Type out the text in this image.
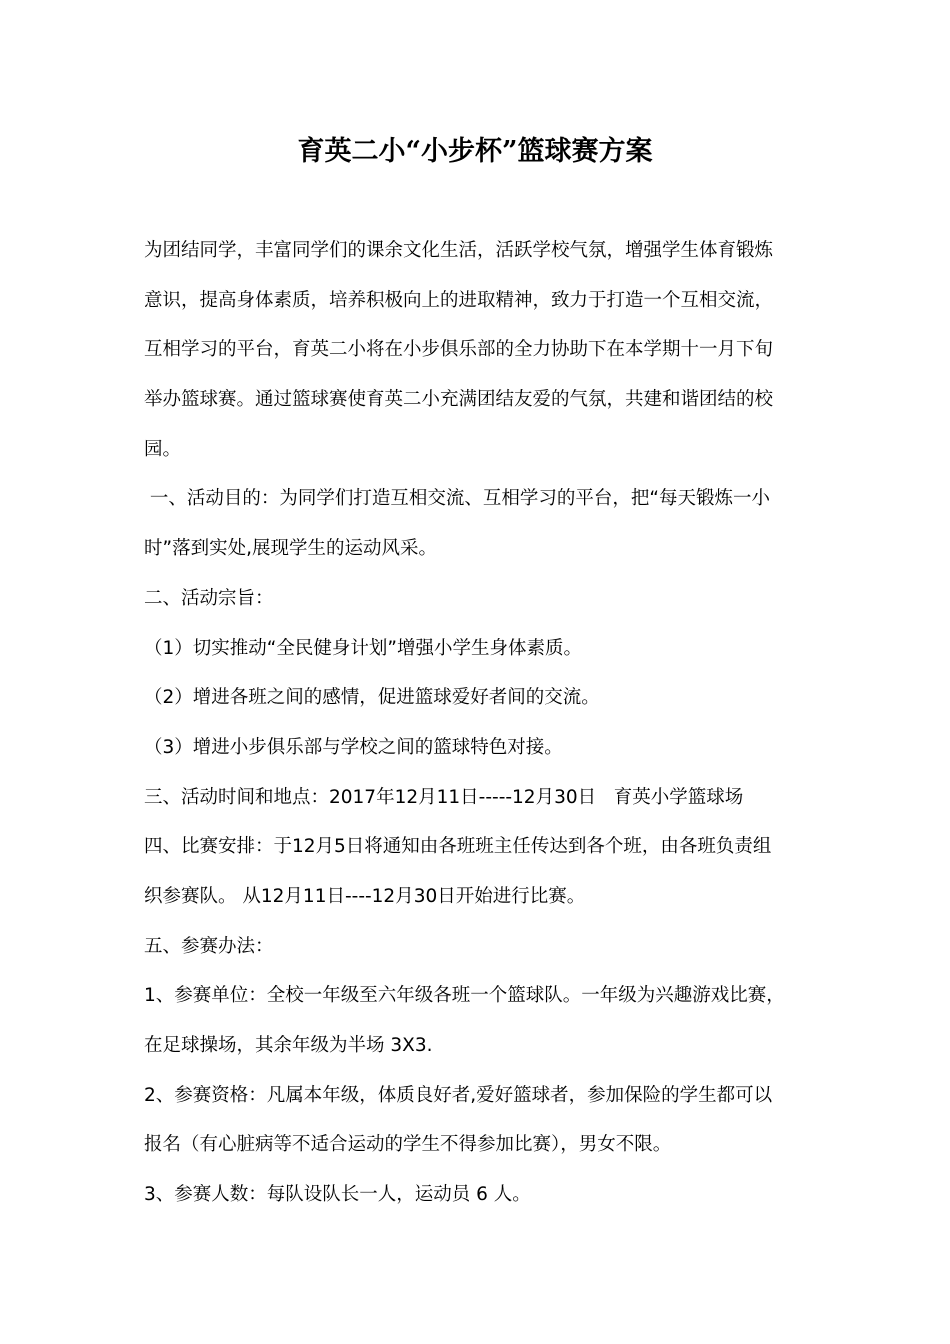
育英二小“小步杯”篮球赛方案
为团结同学，丰富同学们的课余文化生活，活跃学校气氛，增强学生体育锻炼
意识，提高身体素质，培养积极向上的进取精神，致力于打造一个互相交流，
互相学习的平台，育英二小将在小步俱乐部的全力协助下在本学期十一月下旬
举办篮球赛。通过篮球赛使育英二小充满团结友爱的气氛，共建和谐团结的校
园。
一、活动目的：为同学们打造互相交流、互相学习的平台，把“每天锻炼一小
时”落到实处,展现学生的运动风采。
二、活动宗旨：
（1）切实推动“全民健身计划”增强小学生身体素质。
（2）增进各班之间的感情，促进篮球爱好者间的交流。
（3）增进小步俱乐部与学校之间的篮球特色对接。
三、活动时间和地点：2017年12月11日-----12月30日   育英小学篮球场
四、比赛安排：于12月5日将通知由各班班主任传达到各个班，由各班负责组
织参赛队。 从12月11日----12月30日开始进行比赛。
五、参赛办法：
1、参赛单位：全校一年级至六年级各班一个篮球队。一年级为兴趣游戏比赛，
在足球操场，其余年级为半场 3X3.
2、参赛资格：凡属本年级，体质良好者,爱好篮球者，参加保险的学生都可以
报名（有心脏病等不适合运动的学生不得参加比赛），男女不限。
3、参赛人数：每队设队长一人，运动员 6 人。
